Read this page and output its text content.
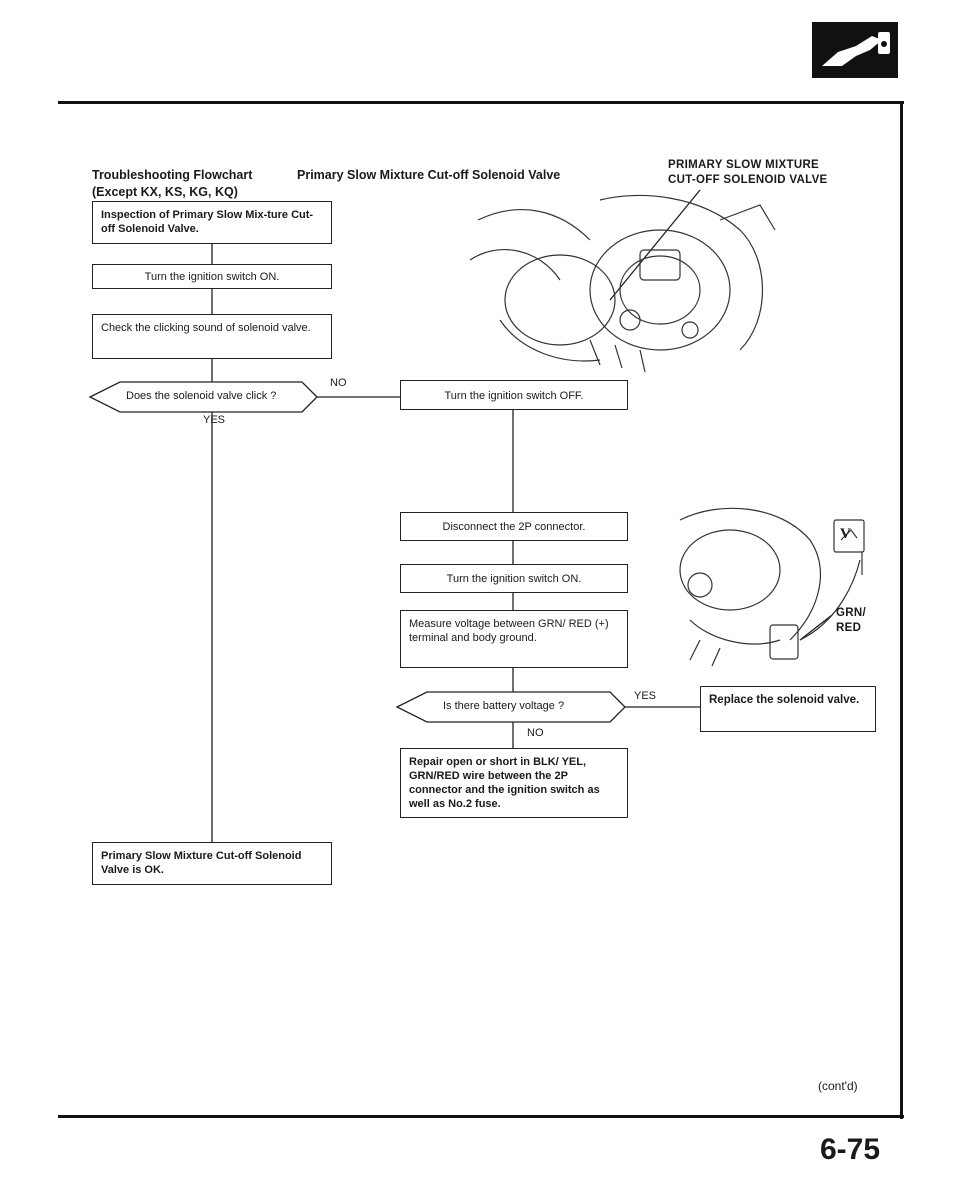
Troubleshooting Flowchart
(Except KX, KS, KG, KQ)
Primary Slow Mixture Cut-off Solenoid Valve
PRIMARY SLOW MIXTURE
CUT-OFF SOLENOID VALVE
Inspection of Primary Slow Mix-ture Cut-off Solenoid Valve.
Turn the ignition switch ON.
Check the clicking sound of solenoid valve.
Does the solenoid valve click ?
NO
YES
Primary Slow Mixture Cut-off Solenoid Valve is OK.
Turn the ignition switch OFF.
Disconnect the 2P connector.
Turn the ignition switch ON.
Measure voltage between GRN/ RED (+) terminal and body ground.
Is there battery voltage ?
YES
NO
Repair open or short in BLK/ YEL, GRN/RED wire between the 2P connector and the ignition switch as well as No.2 fuse.
Replace the solenoid valve.
V
GRN/
RED
(cont'd)
6-75
